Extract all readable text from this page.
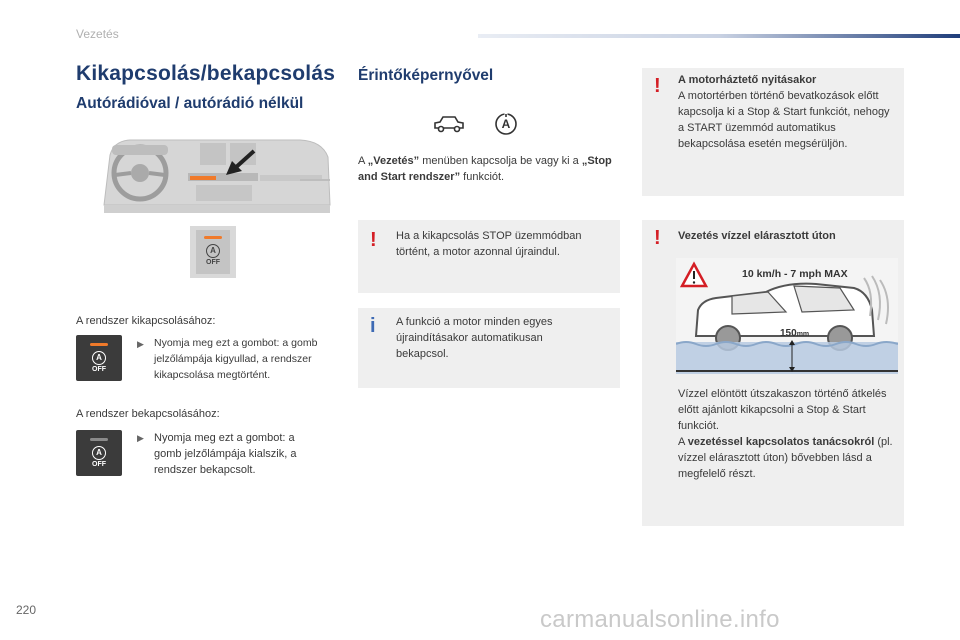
Vezetés
Kikapcsolás/bekapcsolás
Autórádióval / autórádió nélkül
A
OFF
A rendszer kikapcsolásához:
A
OFF
▶ Nyomja meg ezt a gombot: a gomb jelzőlámpája kigyullad, a rendszer kikapcsolása megtörtént.
A rendszer bekapcsolásához:
A
OFF
▶ Nyomja meg ezt a gombot: a gomb jelzőlámpája kialszik, a rendszer bekapcsolt.
Érintőképernyővel
A
A „Vezetés” menüben kapcsolja be vagy ki a „Stop and Start rendszer” funkciót.
! Ha a kikapcsolás STOP üzemmódban történt, a motor azonnal újraindul.
i A funkció a motor minden egyes újraindításakor automatikusan bekapcsol.
! A motorháztető nyitásakor
A motortérben történő bevatkozások előtt kapcsolja ki a Stop & Start funkciót, nehogy a START üzemmód automatikus bekapcsolása esetén megsérüljön.
! Vezetés vízzel elárasztott úton
10 km/h - 7 mph MAX
150mm
Vízzel elöntött útszakaszon történő átkelés előtt ajánlott kikapcsolni a Stop & Start funkciót.
A vezetéssel kapcsolatos tanácsokról (pl. vízzel elárasztott úton) bővebben lásd a megfelelő részt.
220	carmanualsonline.info
